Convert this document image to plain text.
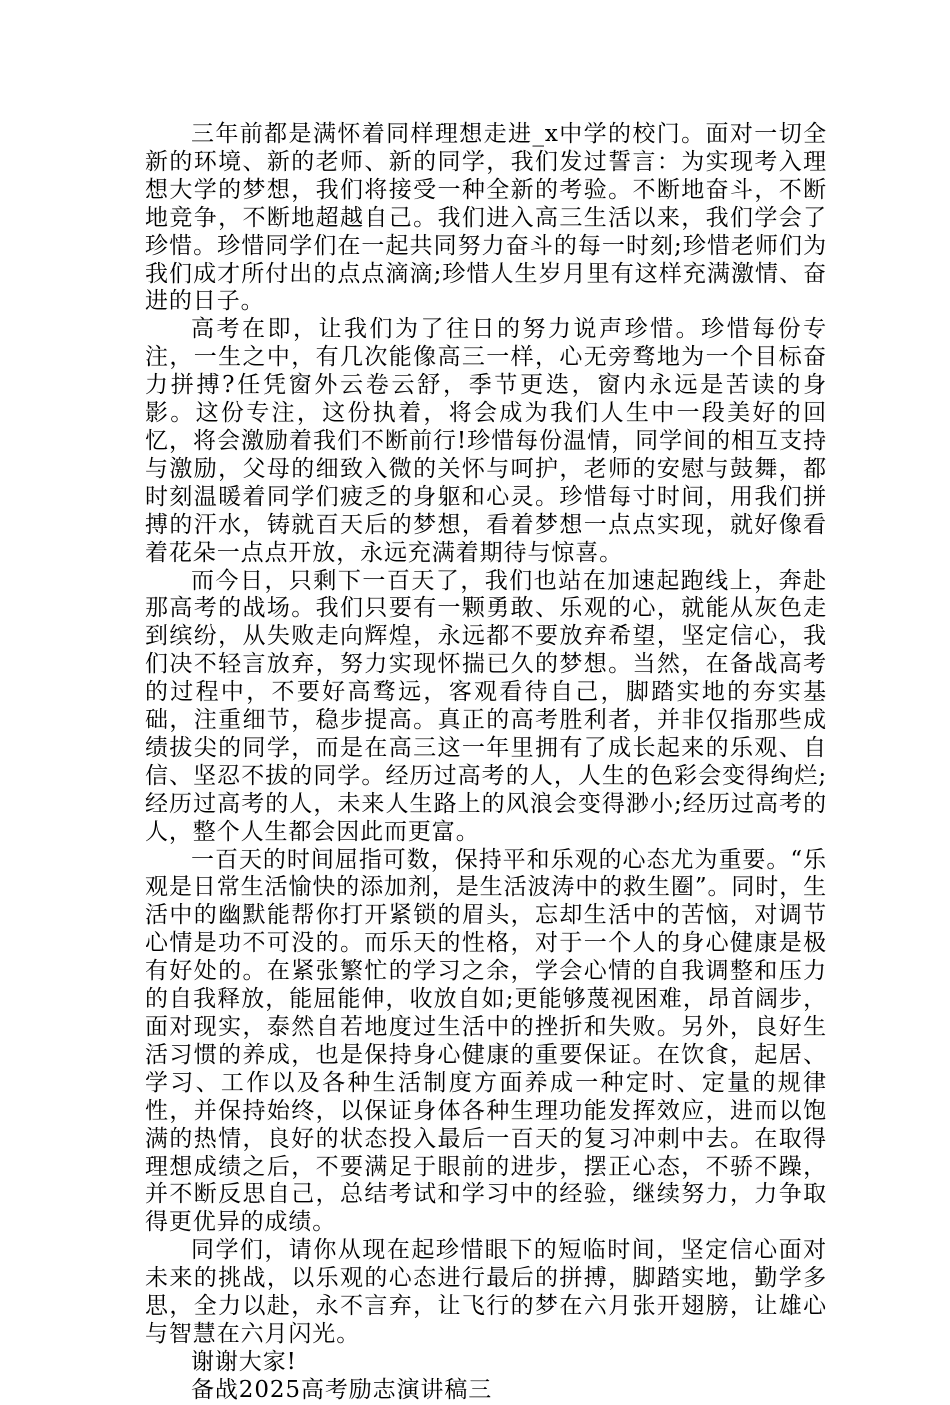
三年前都是满怀着同样理想走进_x中学的校门。面对一切全新的环境、新的老师、新的同学，我们发过誓言：为实现考入理想大学的梦想，我们将接受一种全新的考验。不断地奋斗，不断地竞争，不断地超越自己。我们进入高三生活以来，我们学会了珍惜。珍惜同学们在一起共同努力奋斗的每一时刻;珍惜老师们为我们成才所付出的点点滴滴;珍惜人生岁月里有这样充满激情、奋进的日子。

高考在即，让我们为了往日的努力说声珍惜。珍惜每份专注，一生之中，有几次能像高三一样，心无旁骛地为一个目标奋力拼搏?任凭窗外云卷云舒，季节更迭，窗内永远是苦读的身影。这份专注，这份执着，将会成为我们人生中一段美好的回忆，将会激励着我们不断前行!珍惜每份温情，同学间的相互支持与激励，父母的细致入微的关怀与呵护，老师的安慰与鼓舞，都时刻温暖着同学们疲乏的身躯和心灵。珍惜每寸时间，用我们拼搏的汗水，铸就百天后的梦想，看着梦想一点点实现，就好像看着花朵一点点开放，永远充满着期待与惊喜。

而今日，只剩下一百天了，我们也站在加速起跑线上，奔赴那高考的战场。我们只要有一颗勇敢、乐观的心，就能从灰色走到缤纷，从失败走向辉煌，永远都不要放弃希望，坚定信心，我们决不轻言放弃，努力实现怀揣已久的梦想。当然，在备战高考的过程中，不要好高骛远，客观看待自己，脚踏实地的夯实基础，注重细节，稳步提高。真正的高考胜利者，并非仅指那些成绩拔尖的同学，而是在高三这一年里拥有了成长起来的乐观、自信、坚忍不拔的同学。经历过高考的人，人生的色彩会变得绚烂;经历过高考的人，未来人生路上的风浪会变得渺小;经历过高考的人，整个人生都会因此而更富。

一百天的时间屈指可数，保持平和乐观的心态尤为重要。“乐观是日常生活愉快的添加剂，是生活波涛中的救生圈”。同时，生活中的幽默能帮你打开紧锁的眉头，忘却生活中的苦恼，对调节心情是功不可没的。而乐天的性格，对于一个人的身心健康是极有好处的。在紧张繁忙的学习之余，学会心情的自我调整和压力的自我释放，能屈能伸，收放自如;更能够蔑视困难，昂首阔步，面对现实，泰然自若地度过生活中的挫折和失败。另外，良好生活习惯的养成，也是保持身心健康的重要保证。在饮食，起居、学习、工作以及各种生活制度方面养成一种定时、定量的规律性，并保持始终，以保证身体各种生理功能发挥效应，进而以饱满的热情，良好的状态投入最后一百天的复习冲刺中去。在取得理想成绩之后，不要满足于眼前的进步，摆正心态，不骄不躁，并不断反思自己，总结考试和学习中的经验，继续努力，力争取得更优异的成绩。

同学们，请你从现在起珍惜眼下的短临时间，坚定信心面对未来的挑战，以乐观的心态进行最后的拼搏，脚踏实地，勤学多思，全力以赴，永不言弃，让飞行的梦在六月张开翅膀，让雄心与智慧在六月闪光。

谢谢大家!

备战2025高考励志演讲稿三
